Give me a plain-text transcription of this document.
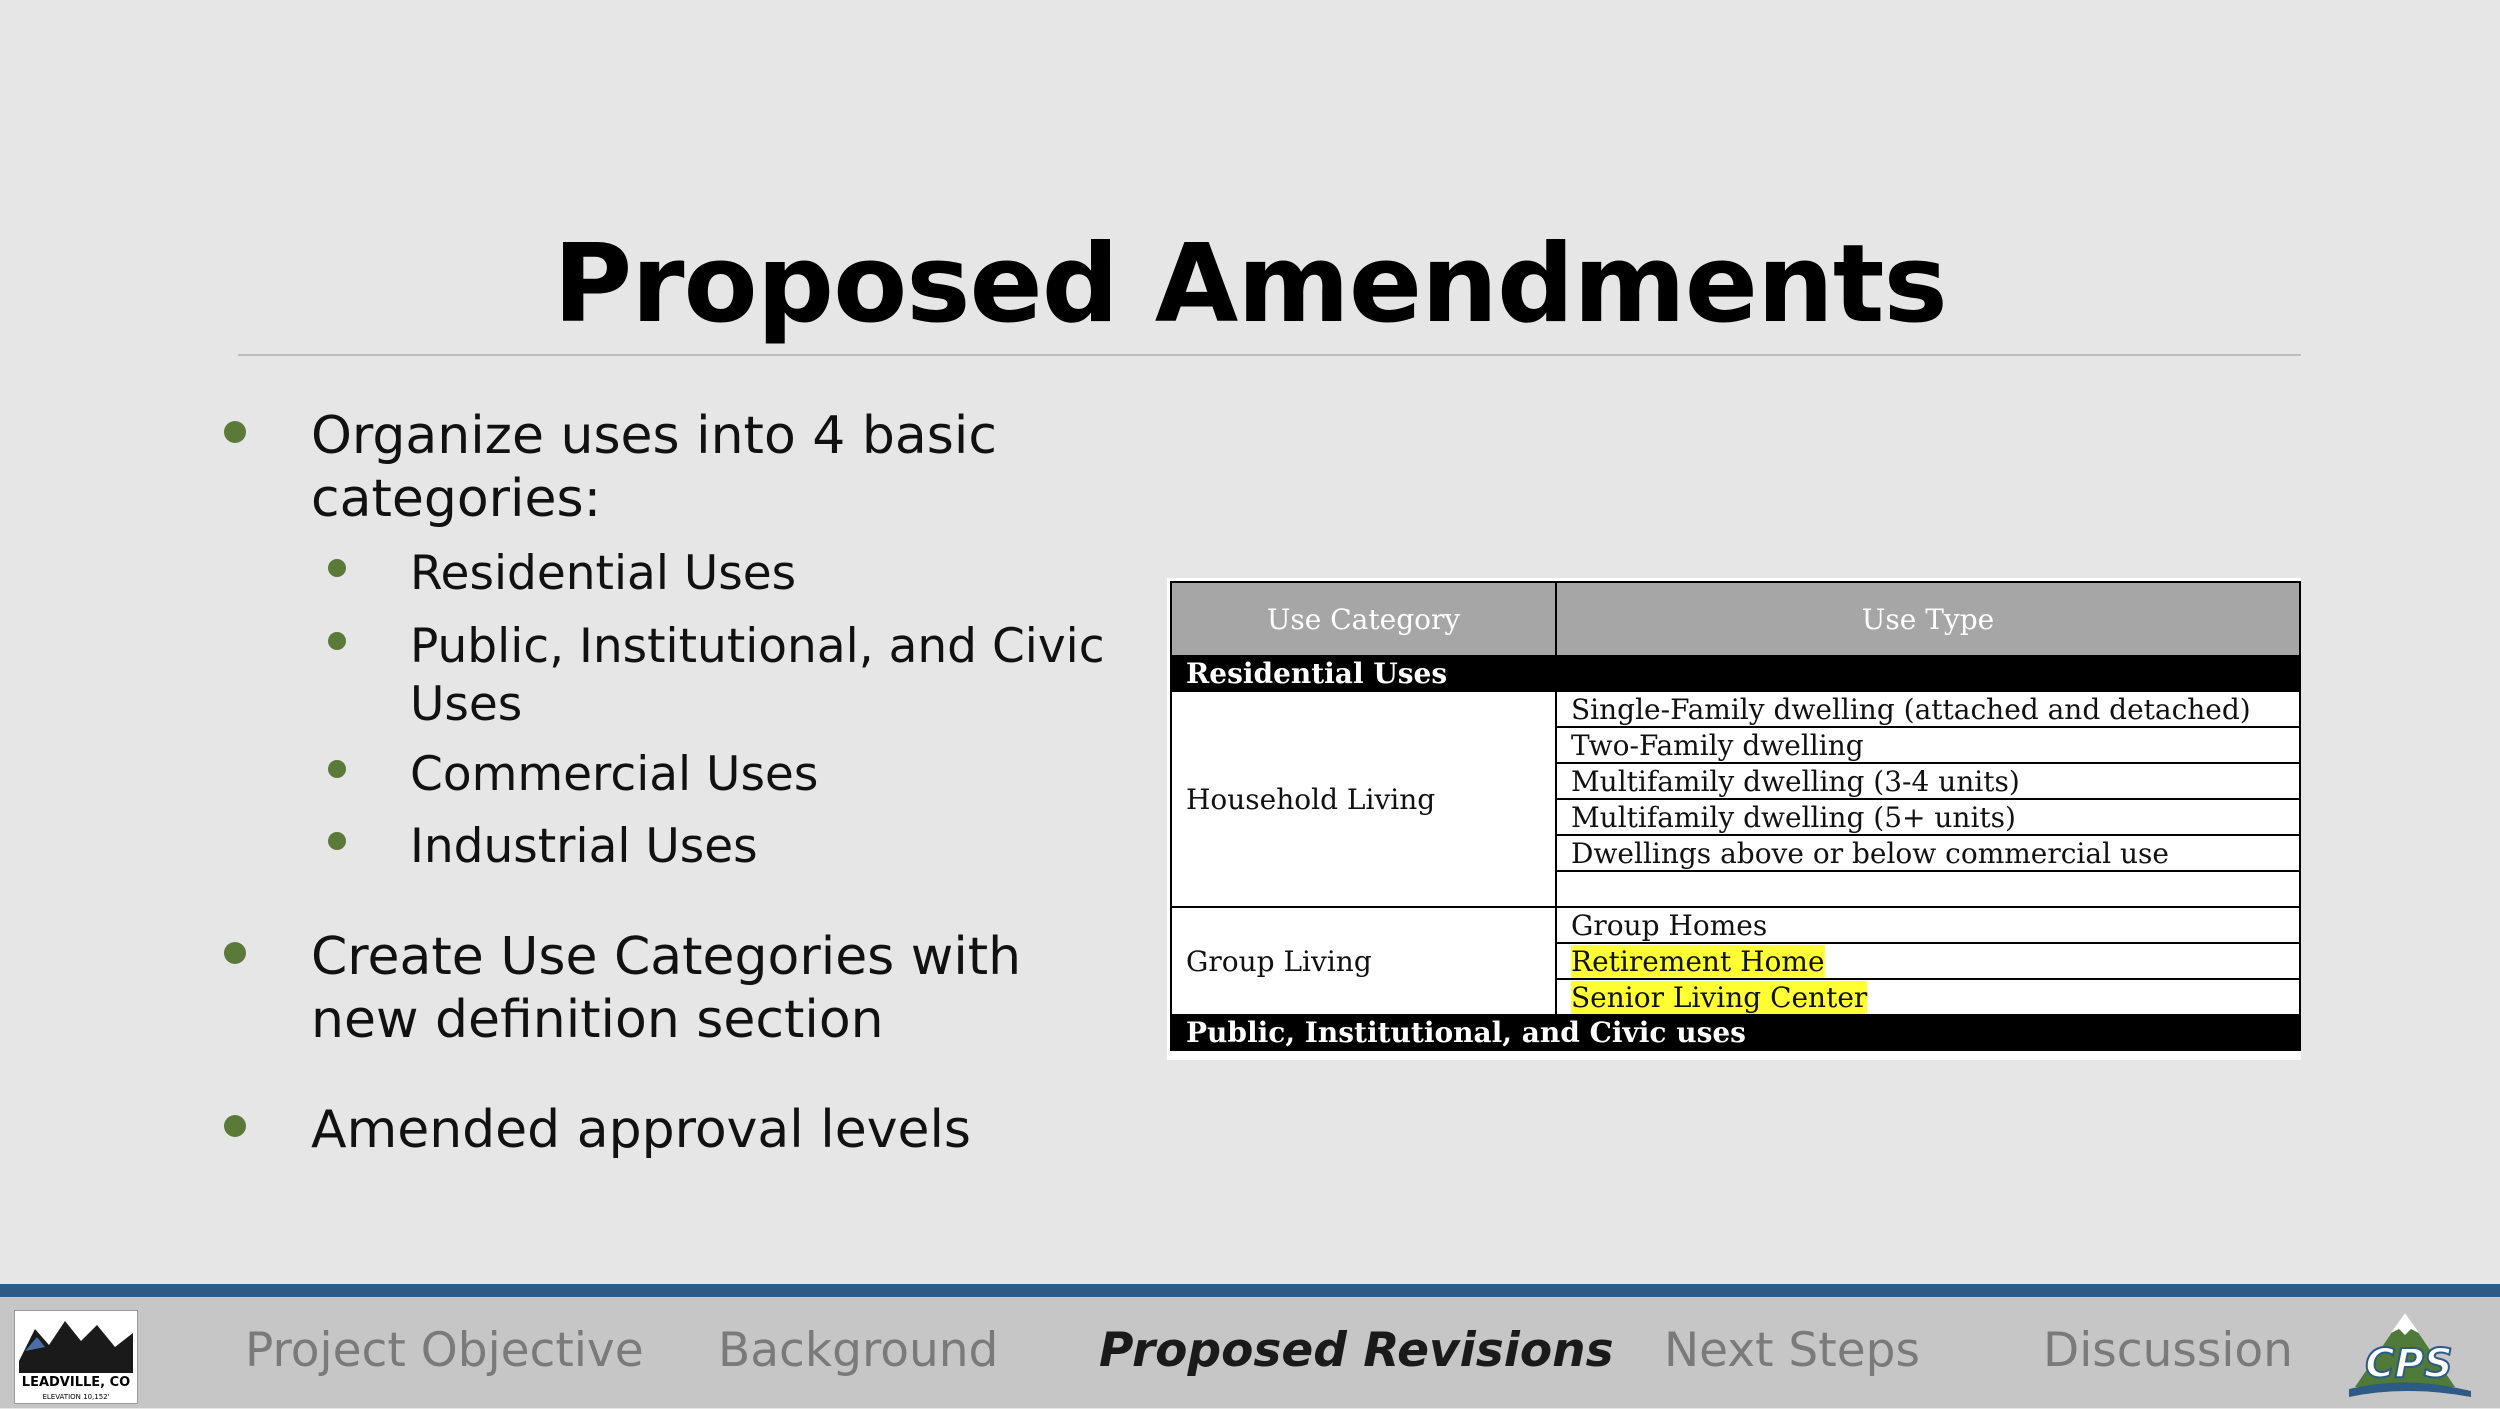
Proposed Amendments
Organize uses into 4 basic categories:
Residential Uses
Public, Institutional, and Civic Uses
Commercial Uses
Industrial Uses
Create Use Categories with new definition section
Amended approval levels
Use Category	Use Type
Residential Uses	
Household Living	Single-Family dwelling (attached and detached)
	Two-Family dwelling
	Multifamily dwelling (3-4 units)
	Multifamily dwelling (5+ units)
	Dwellings above or below commercial use

Group Living	Group Homes
	Retirement Home
	Senior Living Center
Public, Institutional, and Civic uses	
LEADVILLE, CO
ELEVATION 10,152'
Project Objective Background Proposed Revisions Next Steps	Discussion CPS
